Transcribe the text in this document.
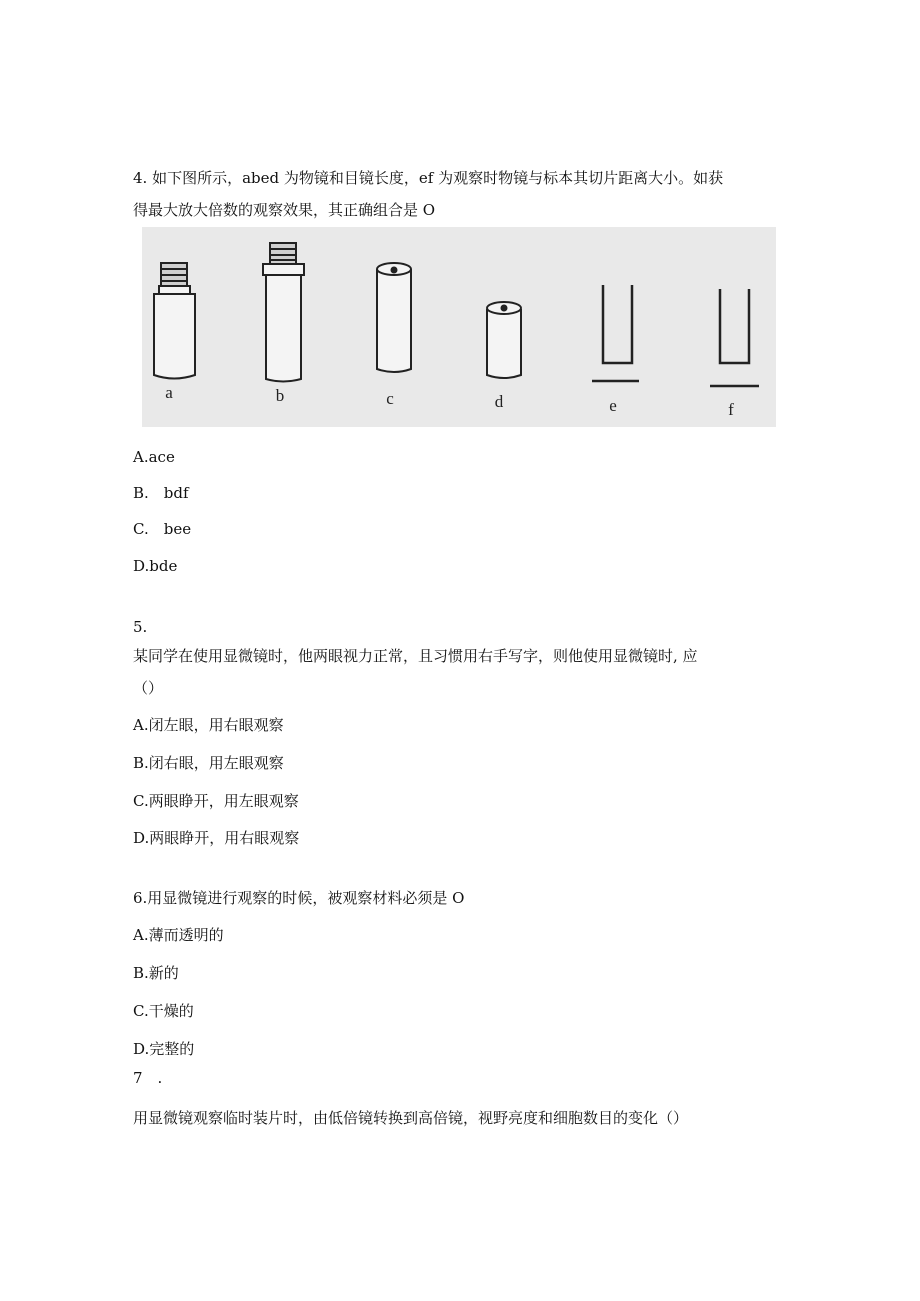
4. 如下图所示，abed 为物镜和目镜长度，ef 为观察时物镜与标本其切片距离大小。如获
得最大放大倍数的观察效果，其正确组合是 O
a	b	c	d	e	f
A.ace
B.　bdf
C.　bee
D.bde
5.
某同学在使用显微镜时，他两眼视力正常，且习惯用右手写字，则他使用显微镜时, 应
（）
A.闭左眼，用右眼观察
B.闭右眼，用左眼观察
C.两眼睁开，用左眼观察
D.两眼睁开，用右眼观察
6.用显微镜进行观察的时候，被观察材料必须是 O
A.薄而透明的
B.新的
C.干燥的
D.完整的
7　.
用显微镜观察临时装片时，由低倍镜转换到高倍镜，视野亮度和细胞数目的变化（）
